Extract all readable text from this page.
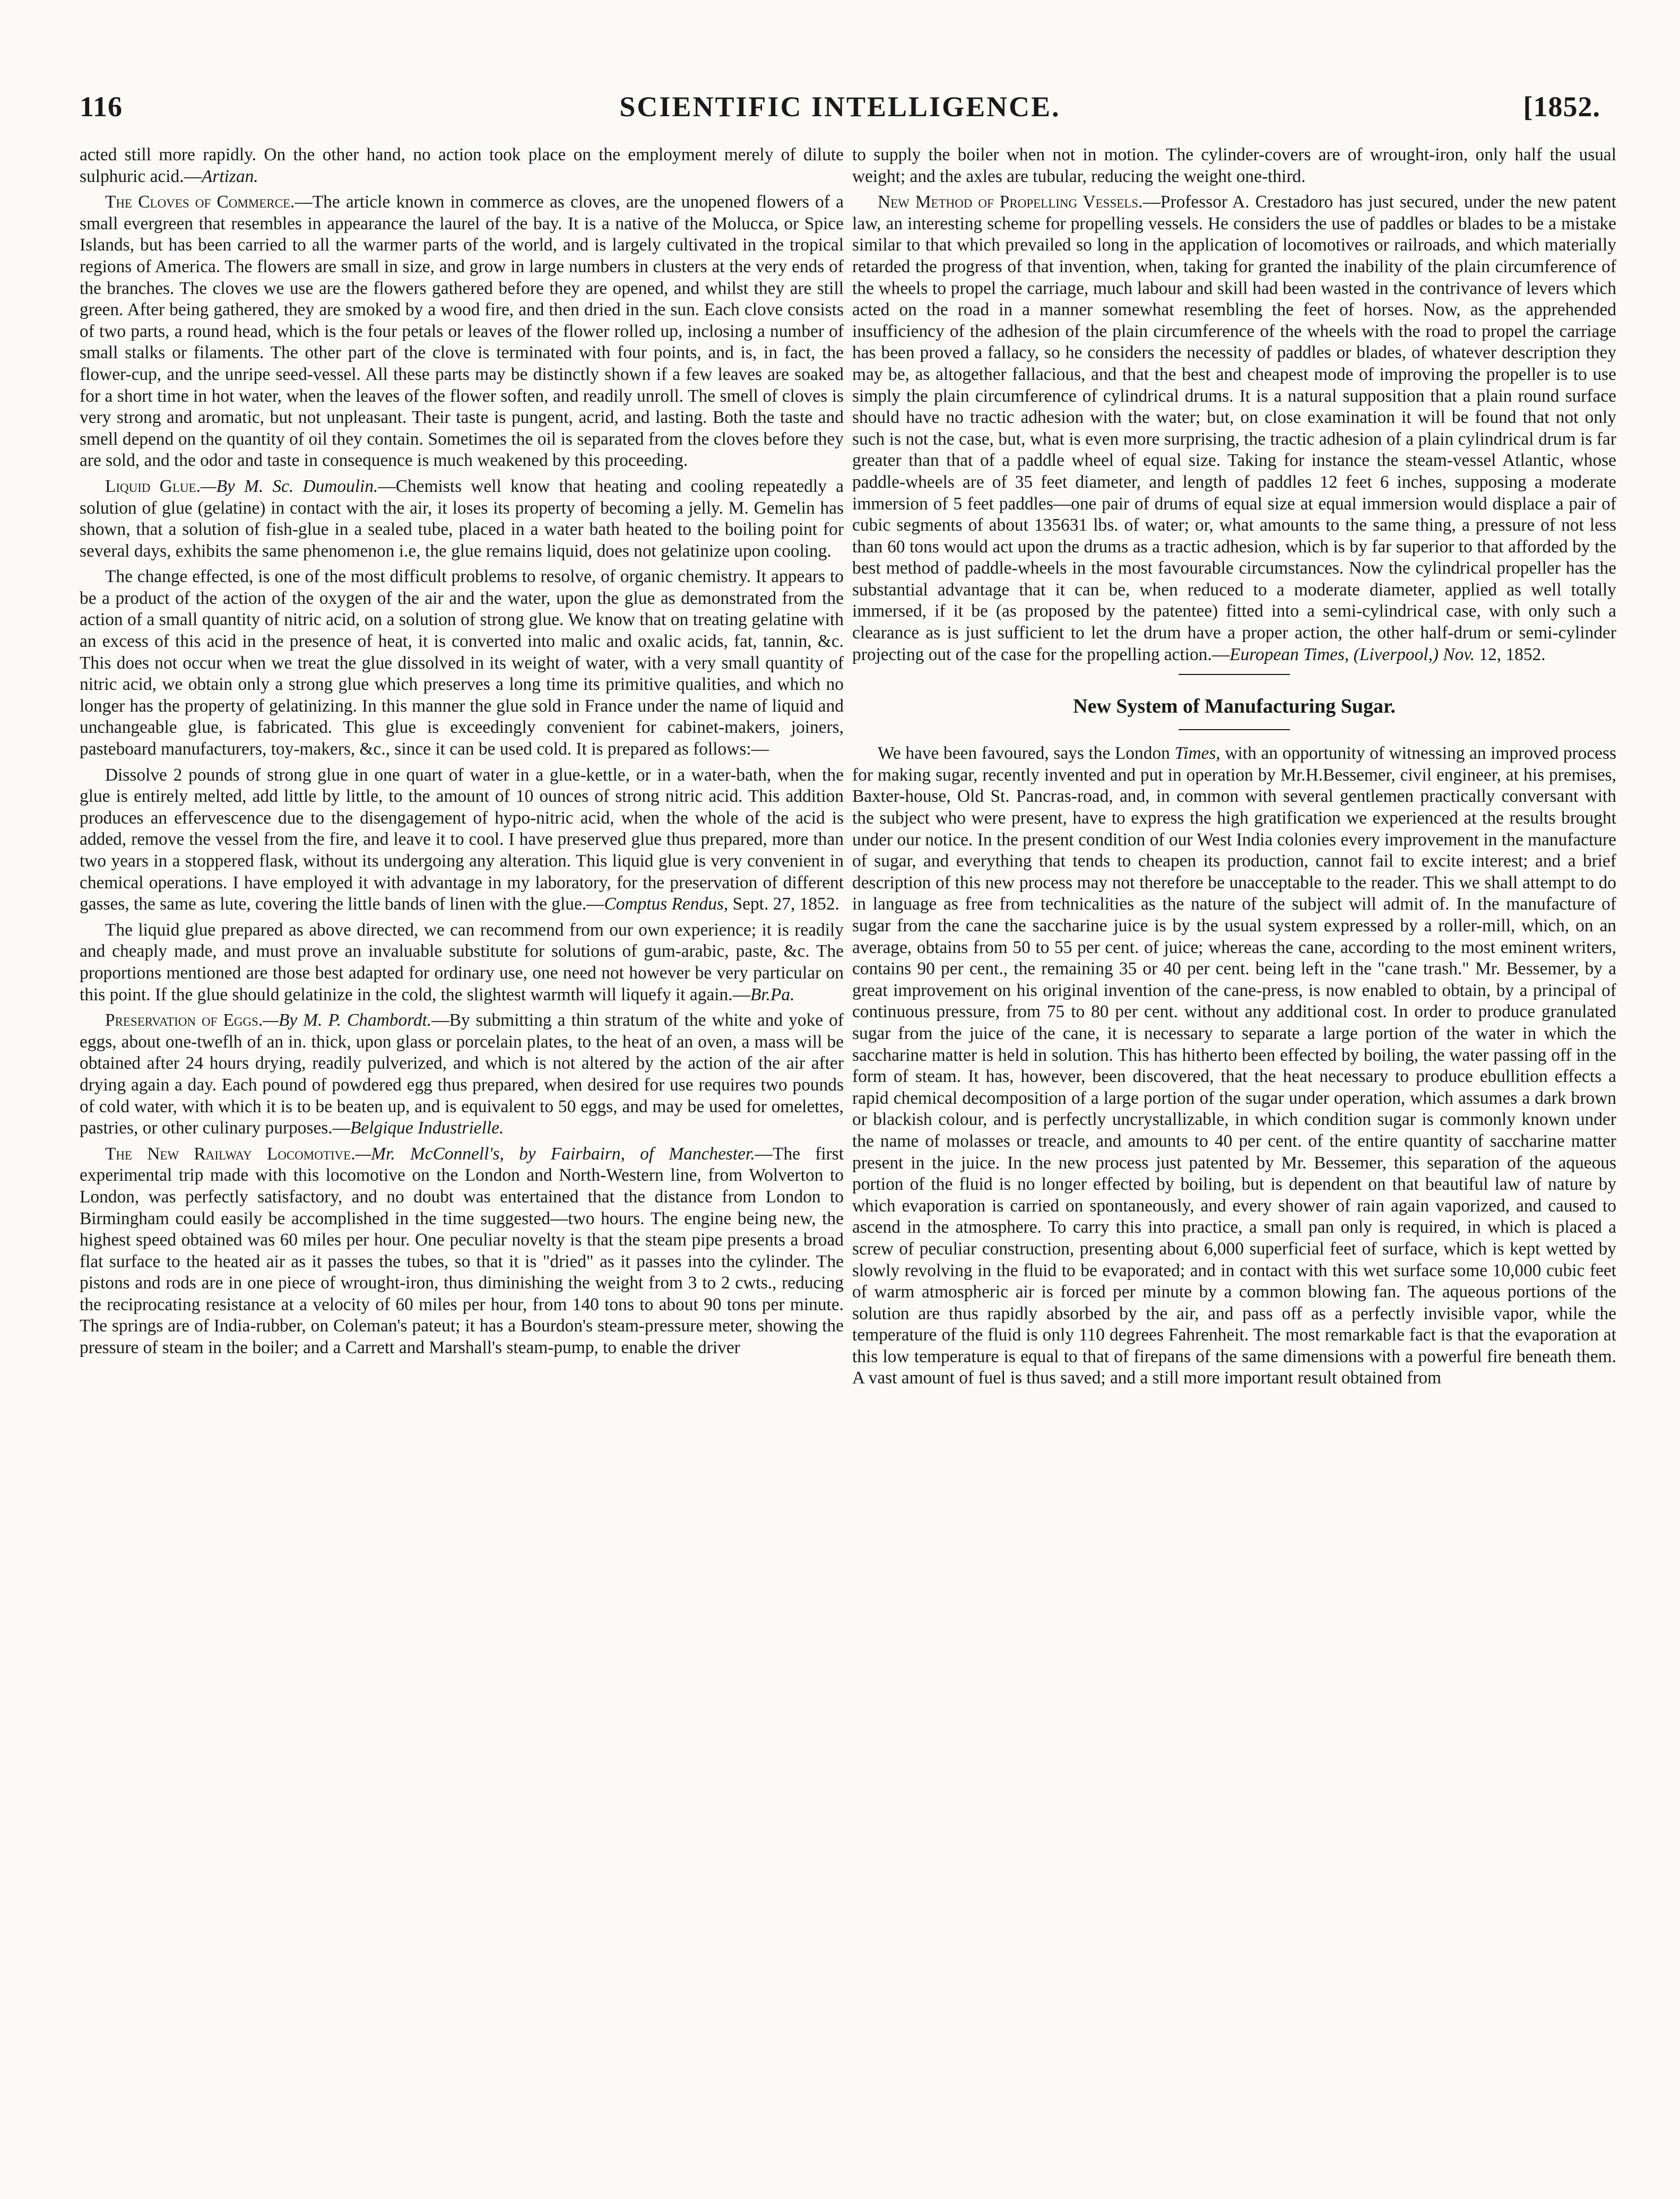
116	SCIENTIFIC INTELLIGENCE.	[1852.

acted still more rapidly. On the other hand, no action took place on the employment merely of dilute sulphuric acid.—Artizan.

The Cloves of Commerce.—The article known in commerce as cloves, are the unopened flowers of a small evergreen that resembles in appearance the laurel of the bay. It is a native of the Molucca, or Spice Islands, but has been carried to all the warmer parts of the world, and is largely cultivated in the tropical regions of America. The flowers are small in size, and grow in large numbers in clusters at the very ends of the branches. The cloves we use are the flowers gathered before they are opened, and whilst they are still green. After being gathered, they are smoked by a wood fire, and then dried in the sun. Each clove consists of two parts, a round head, which is the four petals or leaves of the flower rolled up, inclosing a number of small stalks or filaments. The other part of the clove is terminated with four points, and is, in fact, the flower-cup, and the unripe seed-vessel. All these parts may be distinctly shown if a few leaves are soaked for a short time in hot water, when the leaves of the flower soften, and readily unroll. The smell of cloves is very strong and aromatic, but not unpleasant. Their taste is pungent, acrid, and lasting. Both the taste and smell depend on the quantity of oil they contain. Sometimes the oil is separated from the cloves before they are sold, and the odor and taste in consequence is much weakened by this proceeding.

Liquid Glue.—By M. Sc. Dumoulin.—Chemists well know that heating and cooling repeatedly a solution of glue (gelatine) in contact with the air, it loses its property of becoming a jelly. M. Gemelin has shown, that a solution of fish-glue in a sealed tube, placed in a water bath heated to the boiling point for several days, exhibits the same phenomenon i.e, the glue remains liquid, does not gelatinize upon cooling.

The change effected, is one of the most difficult problems to resolve, of organic chemistry. It appears to be a product of the action of the oxygen of the air and the water, upon the glue as demonstrated from the action of a small quantity of nitric acid, on a solution of strong glue. We know that on treating gelatine with an excess of this acid in the presence of heat, it is converted into malic and oxalic acids, fat, tannin, &c. This does not occur when we treat the glue dissolved in its weight of water, with a very small quantity of nitric acid, we obtain only a strong glue which preserves a long time its primitive qualities, and which no longer has the property of gelatinizing. In this manner the glue sold in France under the name of liquid and unchangeable glue, is fabricated. This glue is exceedingly convenient for cabinet-makers, joiners, pasteboard manufacturers, toy-makers, &c., since it can be used cold. It is prepared as follows:—

Dissolve 2 pounds of strong glue in one quart of water in a glue-kettle, or in a water-bath, when the glue is entirely melted, add little by little, to the amount of 10 ounces of strong nitric acid. This addition produces an effervescence due to the disengagement of hypo-nitric acid, when the whole of the acid is added, remove the vessel from the fire, and leave it to cool. I have preserved glue thus prepared, more than two years in a stoppered flask, without its undergoing any alteration. This liquid glue is very convenient in chemical operations. I have employed it with advantage in my laboratory, for the preservation of different gasses, the same as lute, covering the little bands of linen with the glue.—Comptus Rendus, Sept. 27, 1852.

The liquid glue prepared as above directed, we can recommend from our own experience; it is readily and cheaply made, and must prove an invaluable substitute for solutions of gum-arabic, paste, &c. The proportions mentioned are those best adapted for ordinary use, one need not however be very particular on this point. If the glue should gelatinize in the cold, the slightest warmth will liquefy it again.—Br.Pa.

Preservation of Eggs.—By M. P. Chambordt.—By submitting a thin stratum of the white and yoke of eggs, about one-tweflh of an in. thick, upon glass or porcelain plates, to the heat of an oven, a mass will be obtained after 24 hours drying, readily pulverized, and which is not altered by the action of the air after drying again a day. Each pound of powdered egg thus prepared, when desired for use requires two pounds of cold water, with which it is to be beaten up, and is equivalent to 50 eggs, and may be used for omelettes, pastries, or other culinary purposes.—Belgique Industrielle.

The New Railway Locomotive.—Mr. McConnell's, by Fairbairn, of Manchester.—The first experimental trip made with this locomotive on the London and North-Western line, from Wolverton to London, was perfectly satisfactory, and no doubt was entertained that the distance from London to Birmingham could easily be accomplished in the time suggested—two hours. The engine being new, the highest speed obtained was 60 miles per hour. One peculiar novelty is that the steam pipe presents a broad flat surface to the heated air as it passes the tubes, so that it is "dried" as it passes into the cylinder. The pistons and rods are in one piece of wrought-iron, thus diminishing the weight from 3 to 2 cwts., reducing the reciprocating resistance at a velocity of 60 miles per hour, from 140 tons to about 90 tons per minute. The springs are of India-rubber, on Coleman's pateut; it has a Bourdon's steam-pressure meter, showing the pressure of steam in the boiler; and a Carrett and Marshall's steam-pump, to enable the driver

to supply the boiler when not in motion. The cylinder-covers are of wrought-iron, only half the usual weight; and the axles are tubular, reducing the weight one-third.

New Method of Propelling Vessels.—Professor A. Crestadoro has just secured, under the new patent law, an interesting scheme for propelling vessels. He considers the use of paddles or blades to be a mistake similar to that which prevailed so long in the application of locomotives or railroads, and which materially retarded the progress of that invention, when, taking for granted the inability of the plain circumference of the wheels to propel the carriage, much labour and skill had been wasted in the contrivance of levers which acted on the road in a manner somewhat resembling the feet of horses. Now, as the apprehended insufficiency of the adhesion of the plain circumference of the wheels with the road to propel the carriage has been proved a fallacy, so he considers the necessity of paddles or blades, of whatever description they may be, as altogether fallacious, and that the best and cheapest mode of improving the propeller is to use simply the plain circumference of cylindrical drums. It is a natural supposition that a plain round surface should have no tractic adhesion with the water; but, on close examination it will be found that not only such is not the case, but, what is even more surprising, the tractic adhesion of a plain cylindrical drum is far greater than that of a paddle wheel of equal size. Taking for instance the steam-vessel Atlantic, whose paddle-wheels are of 35 feet diameter, and length of paddles 12 feet 6 inches, supposing a moderate immersion of 5 feet paddles—one pair of drums of equal size at equal immersion would displace a pair of cubic segments of about 135631 lbs. of water; or, what amounts to the same thing, a pressure of not less than 60 tons would act upon the drums as a tractic adhesion, which is by far superior to that afforded by the best method of paddle-wheels in the most favourable circumstances. Now the cylindrical propeller has the substantial advantage that it can be, when reduced to a moderate diameter, applied as well totally immersed, if it be (as proposed by the patentee) fitted into a semi-cylindrical case, with only such a clearance as is just sufficient to let the drum have a proper action, the other half-drum or semi-cylinder projecting out of the case for the propelling action.—European Times, (Liverpool,) Nov. 12, 1852.

New System of Manufacturing Sugar.

We have been favoured, says the London Times, with an opportunity of witnessing an improved process for making sugar, recently invented and put in operation by Mr.H.Bessemer, civil engineer, at his premises, Baxter-house, Old St. Pancras-road, and, in common with several gentlemen practically conversant with the subject who were present, have to express the high gratification we experienced at the results brought under our notice. In the present condition of our West India colonies every improvement in the manufacture of sugar, and everything that tends to cheapen its production, cannot fail to excite interest; and a brief description of this new process may not therefore be unacceptable to the reader. This we shall attempt to do in language as free from technicalities as the nature of the subject will admit of. In the manufacture of sugar from the cane the saccharine juice is by the usual system expressed by a roller-mill, which, on an average, obtains from 50 to 55 per cent. of juice; whereas the cane, according to the most eminent writers, contains 90 per cent., the remaining 35 or 40 per cent. being left in the "cane trash." Mr. Bessemer, by a great improvement on his original invention of the cane-press, is now enabled to obtain, by a principal of continuous pressure, from 75 to 80 per cent. without any additional cost. In order to produce granulated sugar from the juice of the cane, it is necessary to separate a large portion of the water in which the saccharine matter is held in solution. This has hitherto been effected by boiling, the water passing off in the form of steam. It has, however, been discovered, that the heat necessary to produce ebullition effects a rapid chemical decomposition of a large portion of the sugar under operation, which assumes a dark brown or blackish colour, and is perfectly uncrystallizable, in which condition sugar is commonly known under the name of molasses or treacle, and amounts to 40 per cent. of the entire quantity of saccharine matter present in the juice. In the new process just patented by Mr. Bessemer, this separation of the aqueous portion of the fluid is no longer effected by boiling, but is dependent on that beautiful law of nature by which evaporation is carried on spontaneously, and every shower of rain again vaporized, and caused to ascend in the atmosphere. To carry this into practice, a small pan only is required, in which is placed a screw of peculiar construction, presenting about 6,000 superficial feet of surface, which is kept wetted by slowly revolving in the fluid to be evaporated; and in contact with this wet surface some 10,000 cubic feet of warm atmospheric air is forced per minute by a common blowing fan. The aqueous portions of the solution are thus rapidly absorbed by the air, and pass off as a perfectly invisible vapor, while the temperature of the fluid is only 110 degrees Fahrenheit. The most remarkable fact is that the evaporation at this low temperature is equal to that of firepans of the same dimensions with a powerful fire beneath them. A vast amount of fuel is thus saved; and a still more important result obtained from
